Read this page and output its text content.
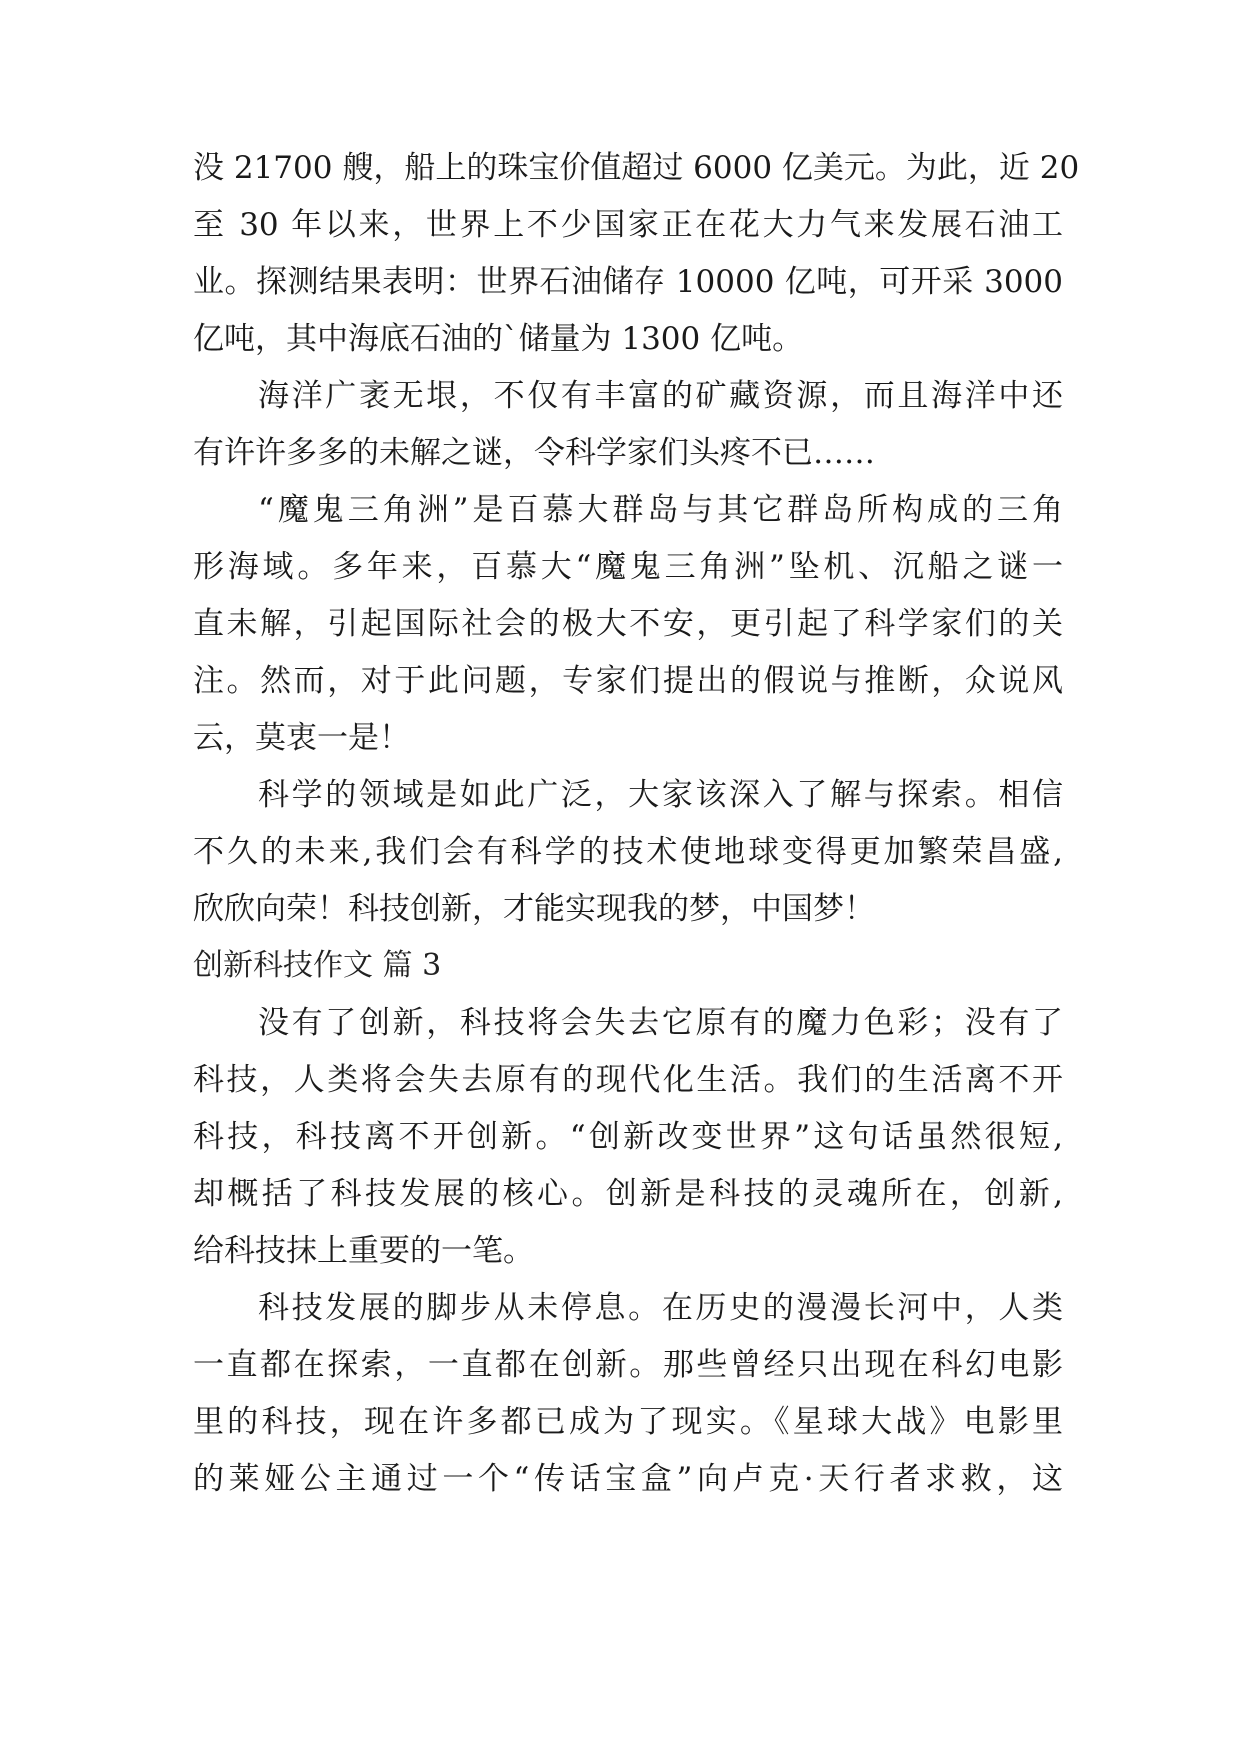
没 21700 艘，船上的珠宝价值超过 6000 亿美元。为此，近 20
至 30 年以来，世界上不少国家正在花大力气来发展石油工
业。探测结果表明：世界石油储存 10000 亿吨，可开采 3000
亿吨，其中海底石油的`储量为 1300 亿吨。
海洋广袤无垠，不仅有丰富的矿藏资源，而且海洋中还
有许许多多的未解之谜，令科学家们头疼不已……
“魔鬼三角洲”是百慕大群岛与其它群岛所构成的三角
形海域。多年来，百慕大“魔鬼三角洲”坠机、沉船之谜一
直未解，引起国际社会的极大不安，更引起了科学家们的关
注。然而，对于此问题，专家们提出的假说与推断，众说风
云，莫衷一是！
科学的领域是如此广泛，大家该深入了解与探索。相信
不久的未来,我们会有科学的技术使地球变得更加繁荣昌盛,
欣欣向荣！科技创新，才能实现我的梦，中国梦！
创新科技作文 篇 3
没有了创新，科技将会失去它原有的魔力色彩；没有了
科技，人类将会失去原有的现代化生活。我们的生活离不开
科技，科技离不开创新。“创新改变世界”这句话虽然很短,
却概括了科技发展的核心。创新是科技的灵魂所在，创新,
给科技抹上重要的一笔。
科技发展的脚步从未停息。在历史的漫漫长河中，人类
一直都在探索，一直都在创新。那些曾经只出现在科幻电影
里的科技，现在许多都已成为了现实。《星球大战》电影里
的莱娅公主通过一个“传话宝盒”向卢克·天行者求救，这
